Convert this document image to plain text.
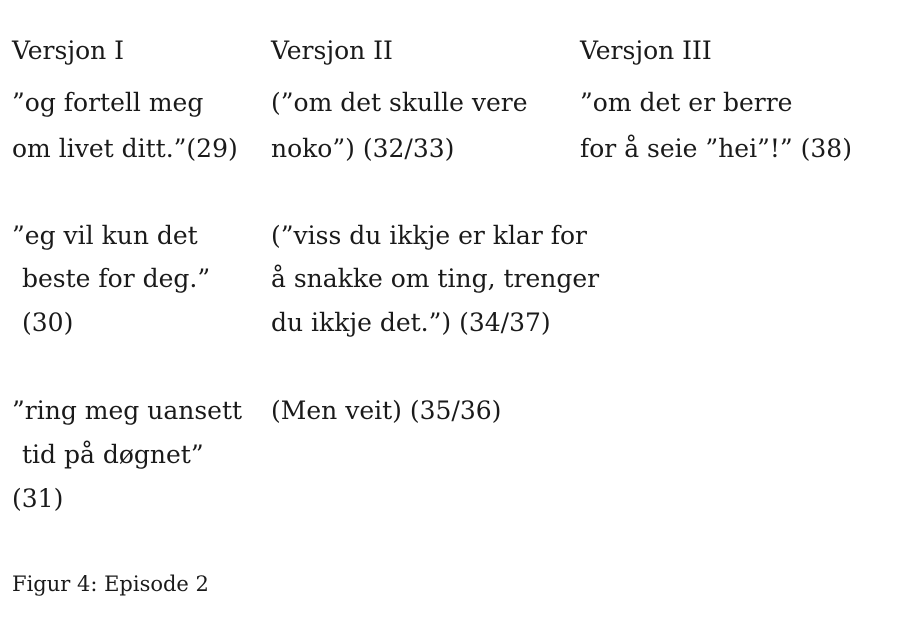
Versjon I
”og fortell meg
om livet ditt.”(29)
”eg vil kun det
beste for deg.”
(30)
”ring meg uansett
tid på døgnet”
(31)
Versjon II
(”om det skulle vere
noko”) (32/33)
(”viss du ikkje er klar for
å snakke om ting, trenger
du ikkje det.”) (34/37)
(Men veit) (35/36)
Versjon III
”om det er berre
for å seie ”hei”!” (38)
Figur 4: Episode 2
